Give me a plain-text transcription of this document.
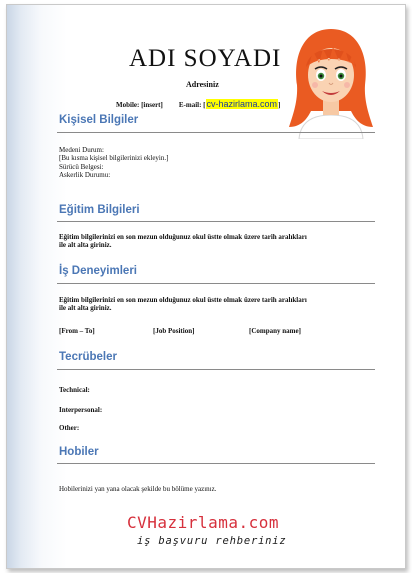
ADI SOYADI
Adresiniz
Mobile: [insert] E-mail: [cv-hazirlama.com]
Kişisel Bilgiler
Medeni Durum:
[Bu kısma kişisel bilgilerinizi ekleyin.]
Sürücü Belgesi:
Askerlik Durumu:
Eğitim Bilgileri
Eğitim bilgilerinizi en son mezun olduğunuz okul üstte olmak üzere tarih aralıkları
ile alt alta giriniz.
İş Deneyimleri
Eğitim bilgilerinizi en son mezun olduğunuz okul üstte olmak üzere tarih aralıkları
ile alt alta giriniz.
[From – To]	[Job Position]	[Company name]
Tecrübeler
Technical:
Interpersonal:
Other:
Hobiler
Hobilerinizi yan yana olacak şekilde bu bölüme yazınız.
CVHazirlama.com
iş başvuru rehberiniz
